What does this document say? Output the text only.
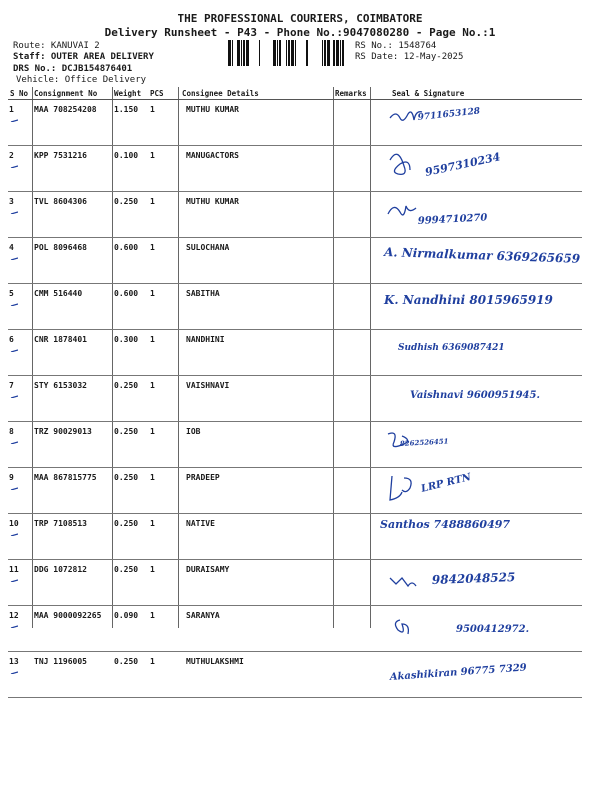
THE PROFESSIONAL COURIERS, COIMBATORE
Delivery Runsheet - P43 - Phone No.:9047080280 - Page No.:1
Route: KANUVAI 2
Staff: OUTER AREA DELIVERY
DRS No.: DCJB154876401
Vehicle: Office Delivery
RS No.: 1548764
RS Date: 12-May-2025
S No	Consignment No	Weight	PCS	Consignee Details	Remarks	Seal & Signature
1	MAA 708254208	1.150	1	MUTHU KUMAR		9711653128

2	KPP 7531216	0.100	1	MANUGACTORS		9597310234

3	TVL 8604306	0.250	1	MUTHU KUMAR		9994710270

4	POL 8096468	0.600	1	SULOCHANA		A. Nirmalkumar 6369265659

5	CMM 516440	0.600	1	SABITHA		K. Nandhini 8015965919

6	CNR 1878401	0.300	1	NANDHINI		Sudhish 6369087421

7	STY 6153032	0.250	1	VAISHNAVI		Vaishnavi 9600951945.

8	TRZ 90029013	0.250	1	IOB		8262526451

9	MAA 867815775	0.250	1	PRADEEP		LRP RTN

10	TRP 7108513	0.250	1	NATIVE		Santhos 7488860497

11	DDG 1072812	0.250	1	DURAISAMY		9842048525

12	MAA 9000092265	0.090	1	SARANYA		9500412972.

13	TNJ 1196005	0.250	1	MUTHULAKSHMI		Akashikiran 96775 7329
